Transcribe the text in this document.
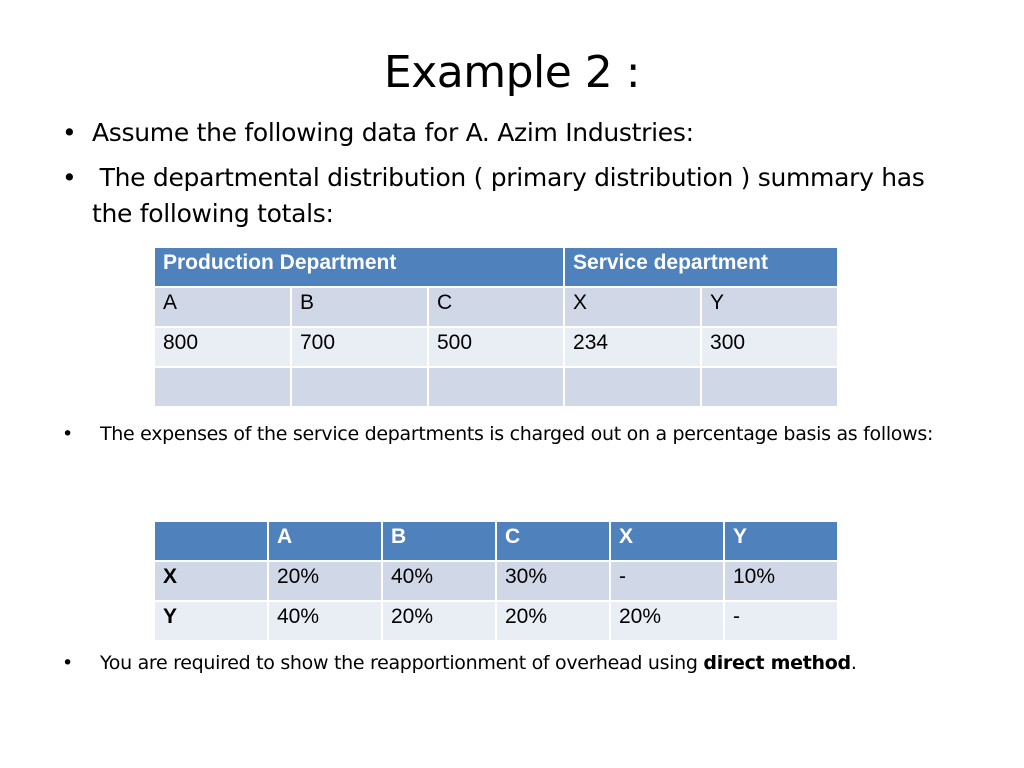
Example 2 :
• Assume the following data for A. Azim Industries:
• The departmental distribution ( primary distribution ) summary has the following totals:
Production Department			Service department	
A	B	C	X	Y
800	700	500	234	300

•	The expenses of the service departments is charged out on a percentage basis as follows:
	A	B	C	X	Y
X	20%	40%	30%	-	10%
Y	40%	20%	20%	20%	-
•	You are required to show the reapportionment of overhead using direct method.
